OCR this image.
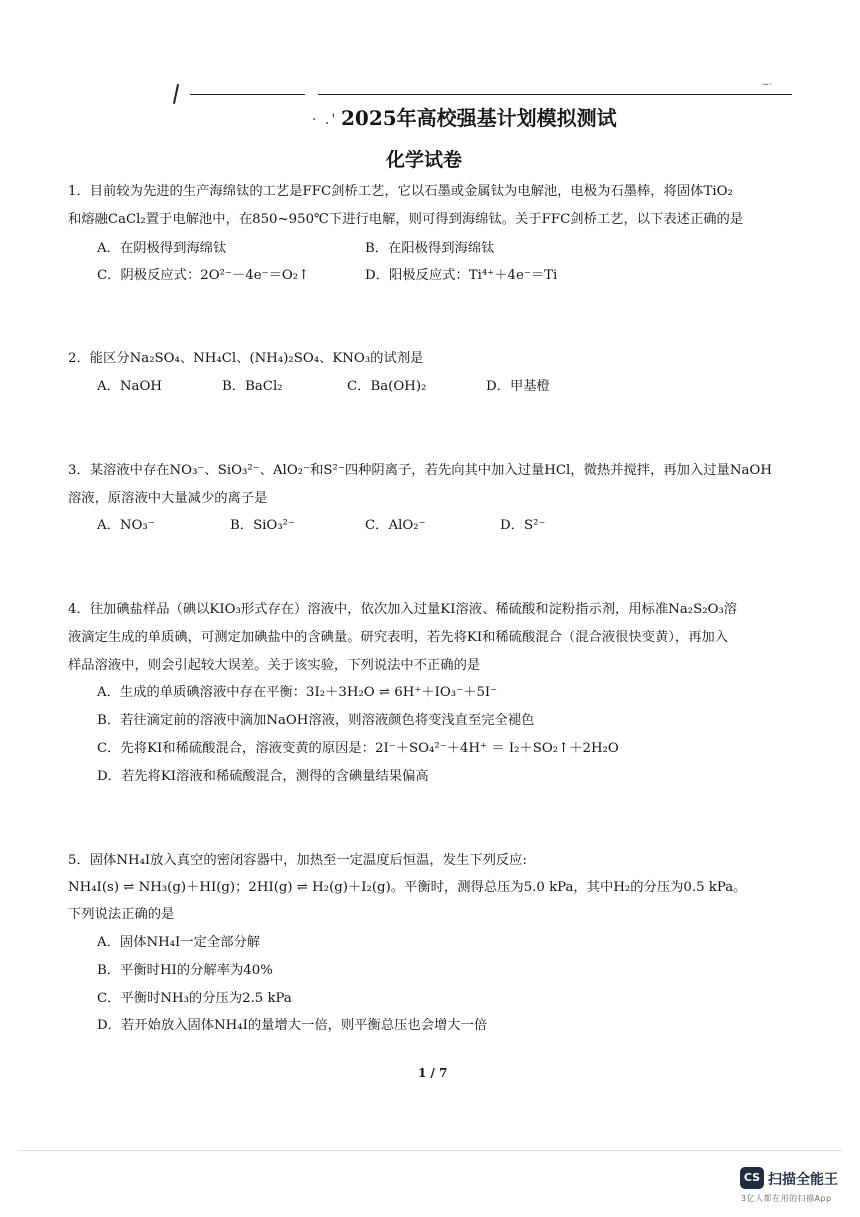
~·
· .' 2025年高校强基计划模拟测试
化学试卷
1．目前较为先进的生产海绵钛的工艺是FFC剑桥工艺，它以石墨或金属钛为电解池，电极为石墨棒，将固体TiO₂
和熔融CaCl₂置于电解池中，在850~950℃下进行电解，则可得到海绵钛。关于FFC剑桥工艺，以下表述正确的是
A．在阴极得到海绵钛	B．在阳极得到海绵钛
C．阴极反应式：2O²⁻－4e⁻＝O₂↑	D．阳极反应式：Ti⁴⁺＋4e⁻＝Ti
2．能区分Na₂SO₄、NH₄Cl、(NH₄)₂SO₄、KNO₃的试剂是
A．NaOH	B．BaCl₂	C．Ba(OH)₂	D．甲基橙
3．某溶液中存在NO₃⁻、SiO₃²⁻、AlO₂⁻和S²⁻四种阴离子，若先向其中加入过量HCl，微热并搅拌，再加入过量NaOH
溶液，原溶液中大量减少的离子是
A．NO₃⁻	B．SiO₃²⁻	C．AlO₂⁻	D．S²⁻
4．往加碘盐样品（碘以KIO₃形式存在）溶液中，依次加入过量KI溶液、稀硫酸和淀粉指示剂，用标准Na₂S₂O₃溶
液滴定生成的单质碘，可测定加碘盐中的含碘量。研究表明，若先将KI和稀硫酸混合（混合液很快变黄），再加入
样品溶液中，则会引起较大误差。关于该实验，下列说法中不正确的是
A．生成的单质碘溶液中存在平衡：3I₂＋3H₂O ⇌ 6H⁺＋IO₃⁻＋5I⁻
B．若往滴定前的溶液中滴加NaOH溶液，则溶液颜色将变浅直至完全褪色
C．先将KI和稀硫酸混合，溶液变黄的原因是：2I⁻＋SO₄²⁻＋4H⁺ ＝ I₂＋SO₂↑＋2H₂O
D．若先将KI溶液和稀硫酸混合，测得的含碘量结果偏高
5．固体NH₄I放入真空的密闭容器中，加热至一定温度后恒温，发生下列反应:
NH₄I(s) ⇌ NH₃(g)＋HI(g)；2HI(g) ⇌ H₂(g)＋I₂(g)。平衡时，测得总压为5.0 kPa，其中H₂的分压为0.5 kPa。
下列说法正确的是
A．固体NH₄I一定全部分解
B．平衡时HI的分解率为40%
C．平衡时NH₃的分压为2.5 kPa
D．若开始放入固体NH₄I的量增大一倍，则平衡总压也会增大一倍
1 / 7
CS 扫描全能王
3亿人都在用的扫描App
